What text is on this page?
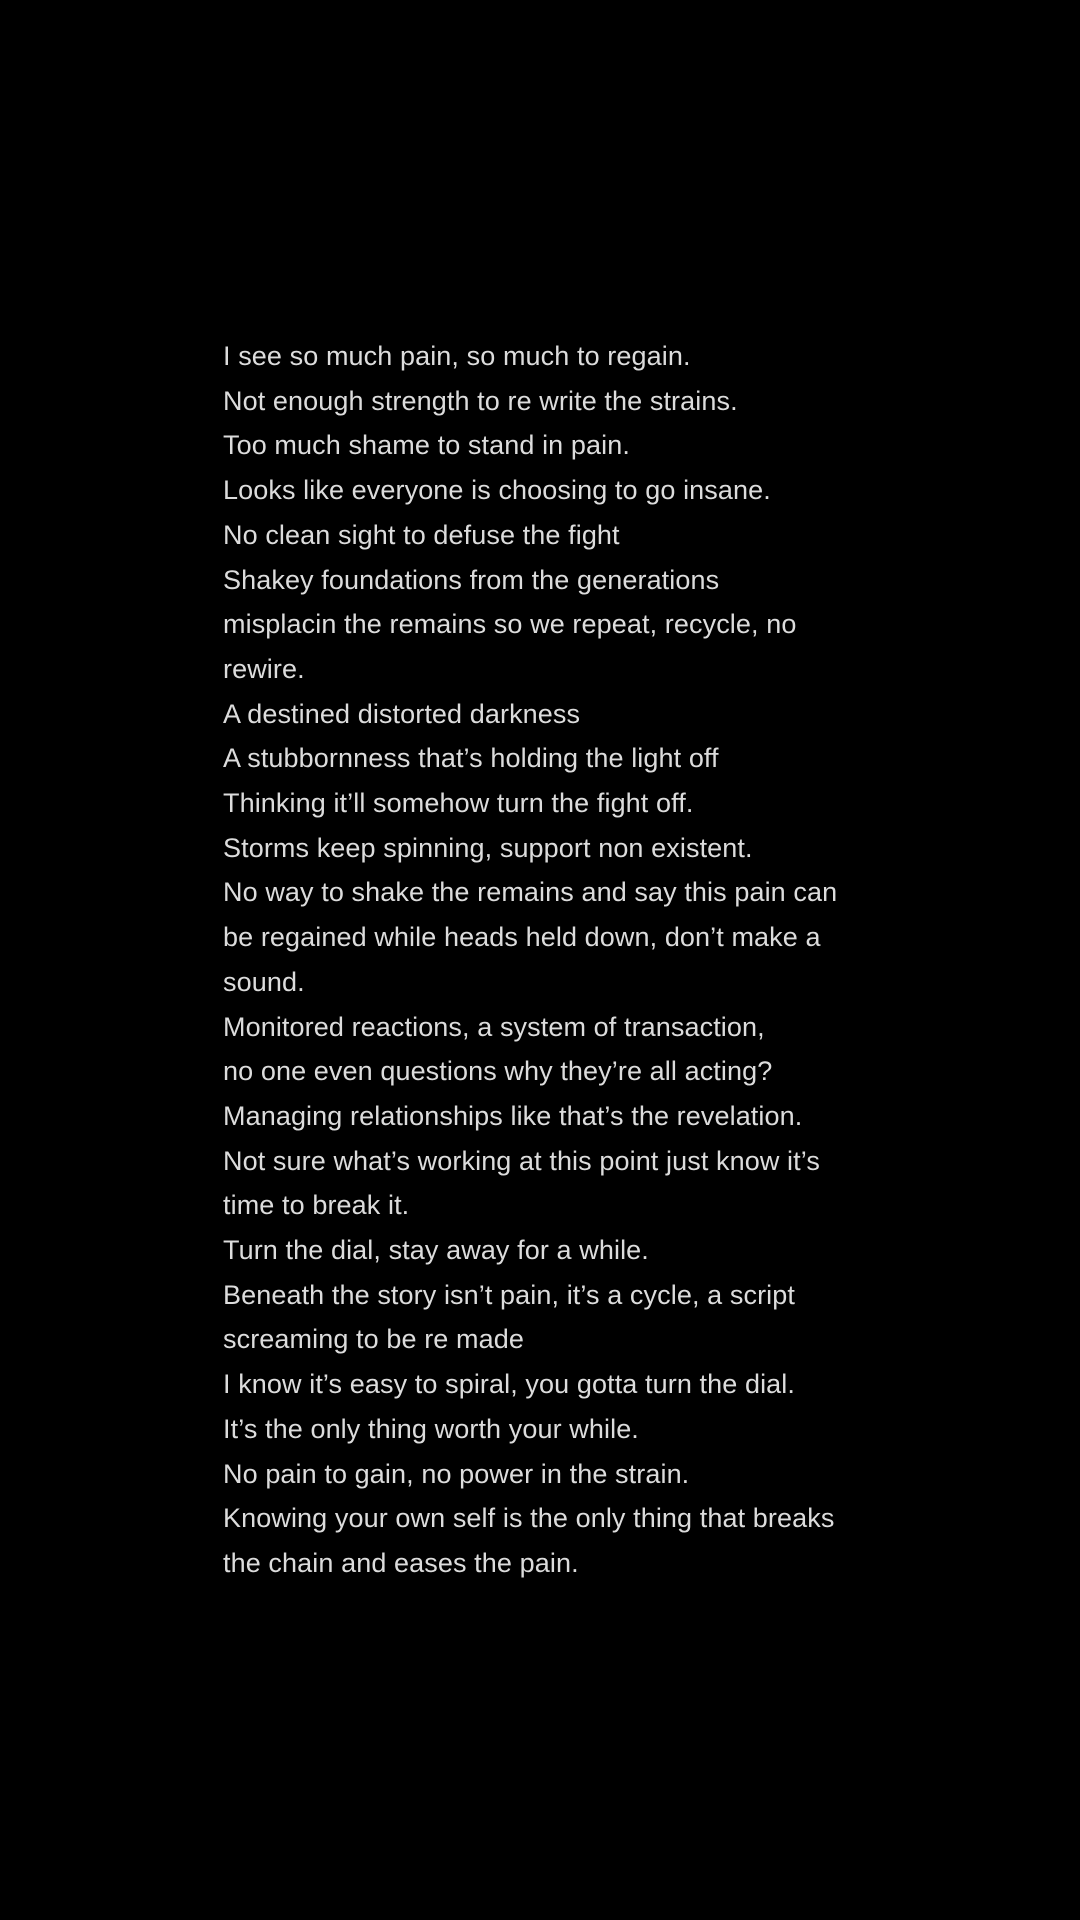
I see so much pain, so much to regain.

Not enough strength to re write the strains.

Too much shame to stand in pain.

Looks like everyone is choosing to go insane.

No clean sight to defuse the fight

Shakey foundations from the generations

misplacin the remains so we repeat, recycle, no rewire.

A destined distorted darkness

A stubbornness that’s holding the light off

Thinking it’ll somehow turn the fight off.

Storms keep spinning, support non existent.

No way to shake the remains and say this pain can be regained while heads held down, don’t make a sound.

Monitored reactions, a system of transaction,

no one even questions why they’re all acting?

Managing relationships like that’s the revelation.

Not sure what’s working at this point just know it’s time to break it.

Turn the dial, stay away for a while.

Beneath the story isn’t pain, it’s a cycle, a script screaming to be re made

I know it’s easy to spiral, you gotta turn the dial.

It’s the only thing worth your while.

No pain to gain, no power in the strain.

Knowing your own self is the only thing that breaks the chain and eases the pain.
